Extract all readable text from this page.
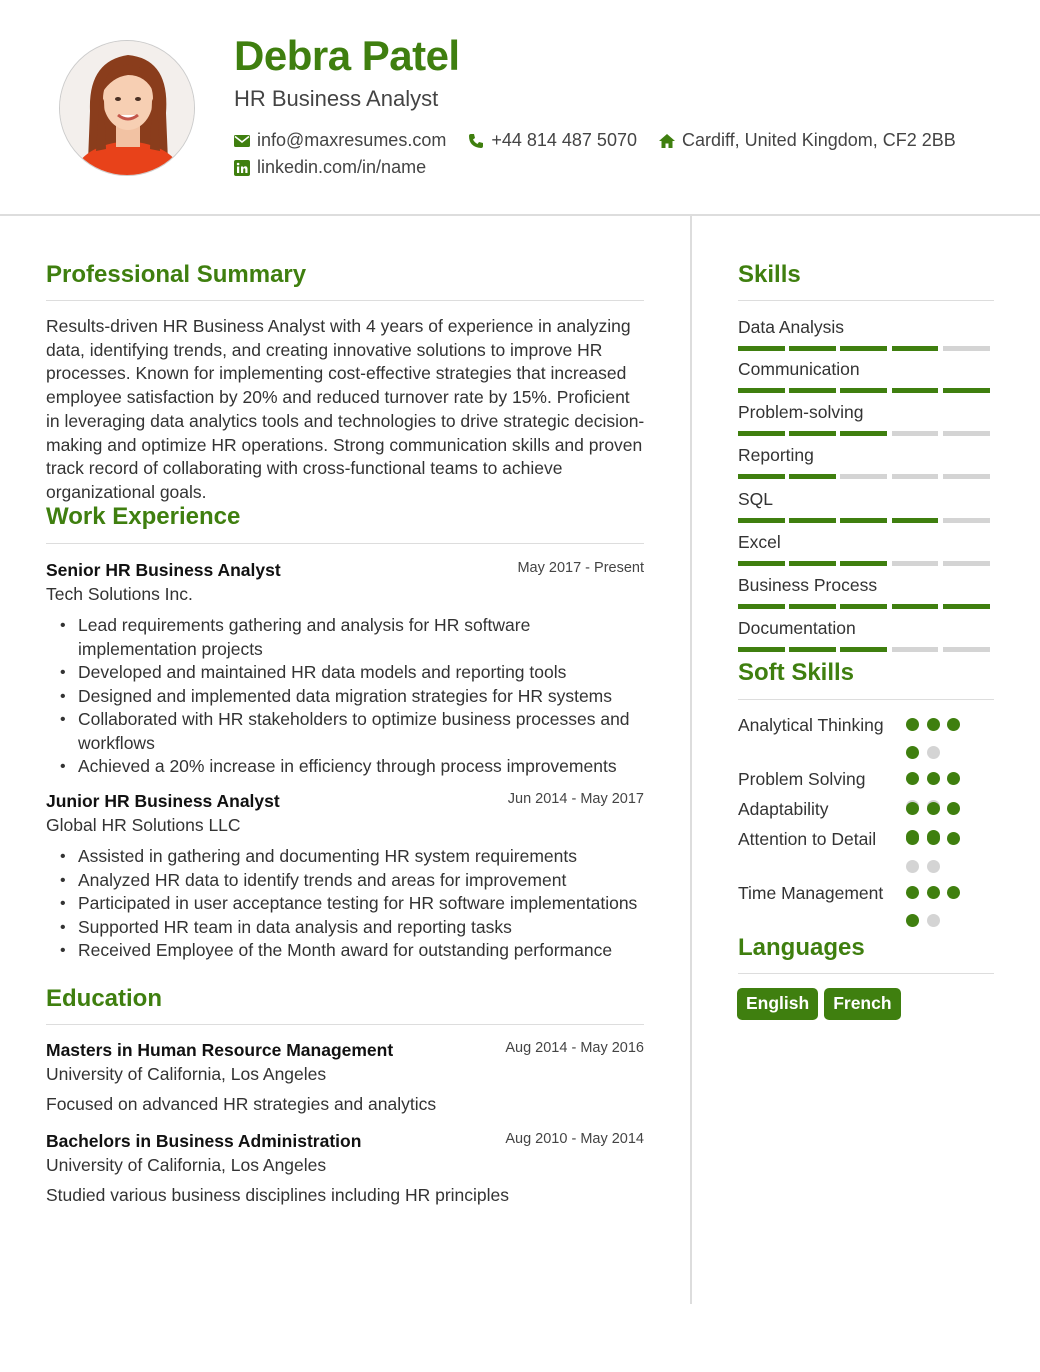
Debra Patel
HR Business Analyst
info@maxresumes.com	+44 814 487 5070	Cardiff, United Kingdom, CF2 2BB
linkedin.com/in/name
Professional Summary
Results-driven HR Business Analyst with 4 years of experience in analyzing data, identifying trends, and creating innovative solutions to improve HR processes. Known for implementing cost-effective strategies that increased employee satisfaction by 20% and reduced turnover rate by 15%. Proficient in leveraging data analytics tools and technologies to drive strategic decision-making and optimize HR operations. Strong communication skills and proven track record of collaborating with cross-functional teams to achieve organizational goals.
Work Experience
Senior HR Business Analyst	May 2017 - Present
Tech Solutions Inc.
• Lead requirements gathering and analysis for HR software implementation projects
• Developed and maintained HR data models and reporting tools
• Designed and implemented data migration strategies for HR systems
• Collaborated with HR stakeholders to optimize business processes and workflows
• Achieved a 20% increase in efficiency through process improvements
Junior HR Business Analyst	Jun 2014 - May 2017
Global HR Solutions LLC
• Assisted in gathering and documenting HR system requirements
• Analyzed HR data to identify trends and areas for improvement
• Participated in user acceptance testing for HR software implementations
• Supported HR team in data analysis and reporting tasks
• Received Employee of the Month award for outstanding performance
Education
Masters in Human Resource Management	Aug 2014 - May 2016
University of California, Los Angeles
Focused on advanced HR strategies and analytics
Bachelors in Business Administration	Aug 2010 - May 2014
University of California, Los Angeles
Studied various business disciplines including HR principles
Skills
Data Analysis
Communication
Problem-solving
Reporting
SQL
Excel
Business Process
Documentation
Soft Skills
Analytical Thinking
Problem Solving
Adaptability
Attention to Detail
Time Management
Languages
English	French
